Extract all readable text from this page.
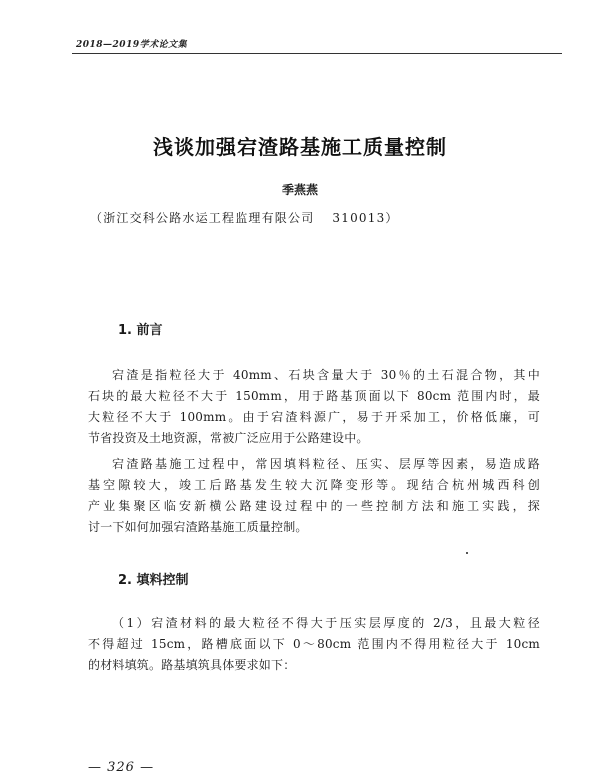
2018—2019学术论文集
浅谈加强宕渣路基施工质量控制
季燕燕
（浙江交科公路水运工程监理有限公司 310013）
1. 前言
宕渣是指粒径大于 40mm、石块含量大于 30％的土石混合物，其中
石块的最大粒径不大于 150mm，用于路基顶面以下 80cm 范围内时，最
大粒径不大于 100mm。由于宕渣料源广，易于开采加工，价格低廉，可
节省投资及土地资源，常被广泛应用于公路建设中。
宕渣路基施工过程中，常因填料粒径、压实、层厚等因素，易造成路
基空隙较大，竣工后路基发生较大沉降变形等。现结合杭州城西科创
产业集聚区临安新横公路建设过程中的一些控制方法和施工实践，探
讨一下如何加强宕渣路基施工质量控制。
2. 填料控制
（1）宕渣材料的最大粒径不得大于压实层厚度的 2/3，且最大粒径
不得超过 15cm，路槽底面以下 0～80cm 范围内不得用粒径大于 10cm
的材料填筑。路基填筑具体要求如下：
— 326 —
